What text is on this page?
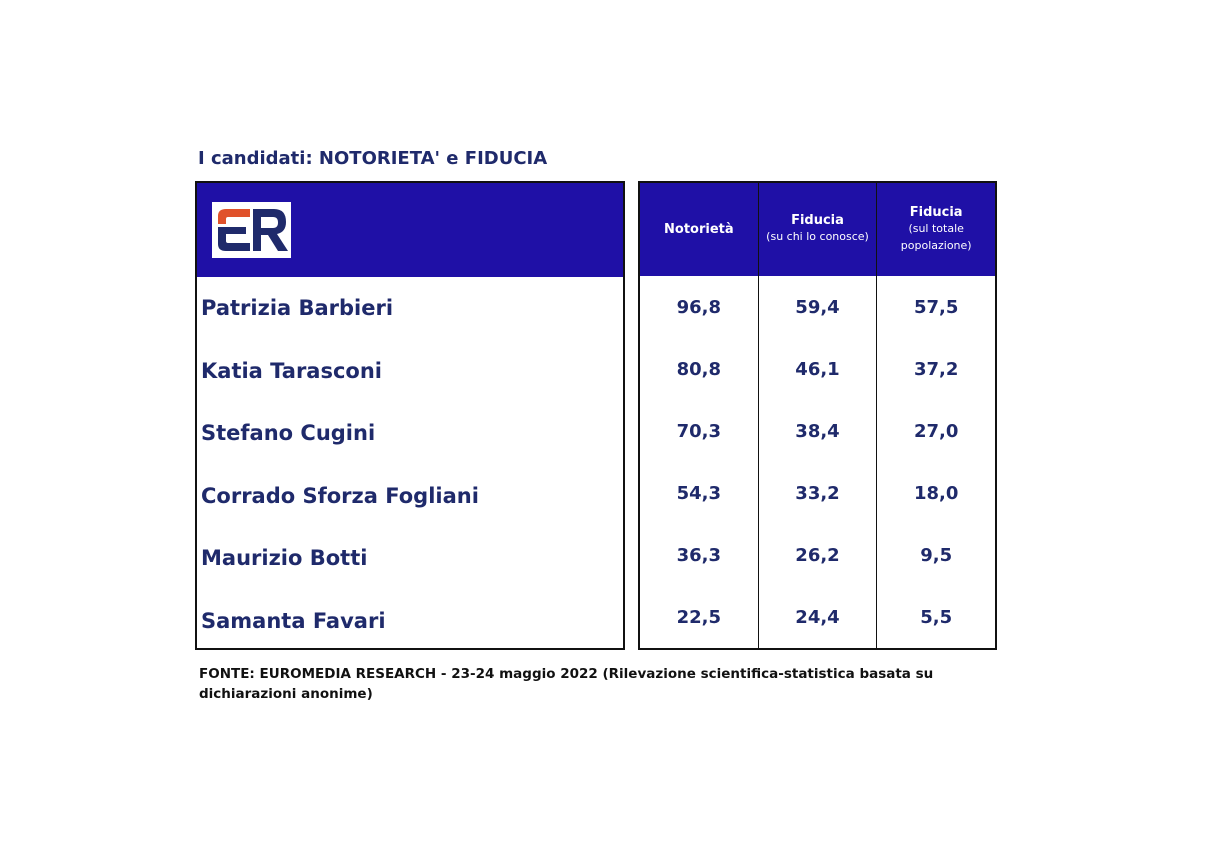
I candidati: NOTORIETA' e FIDUCIA
Patrizia Barbieri
Katia Tarasconi
Stefano Cugini
Corrado Sforza Fogliani
Maurizio Botti
Samanta Favari
Notorietà
96,8
80,8
70,3
54,3
36,3
22,5
Fiducia
(su chi lo conosce)
59,4
46,1
38,4
33,2
26,2
24,4
Fiducia
(sul totale
popolazione)
57,5
37,2
27,0
18,0
9,5
5,5
FONTE: EUROMEDIA RESEARCH - 23-24 maggio 2022 (Rilevazione scientifica-statistica basata su dichiarazioni anonime)
